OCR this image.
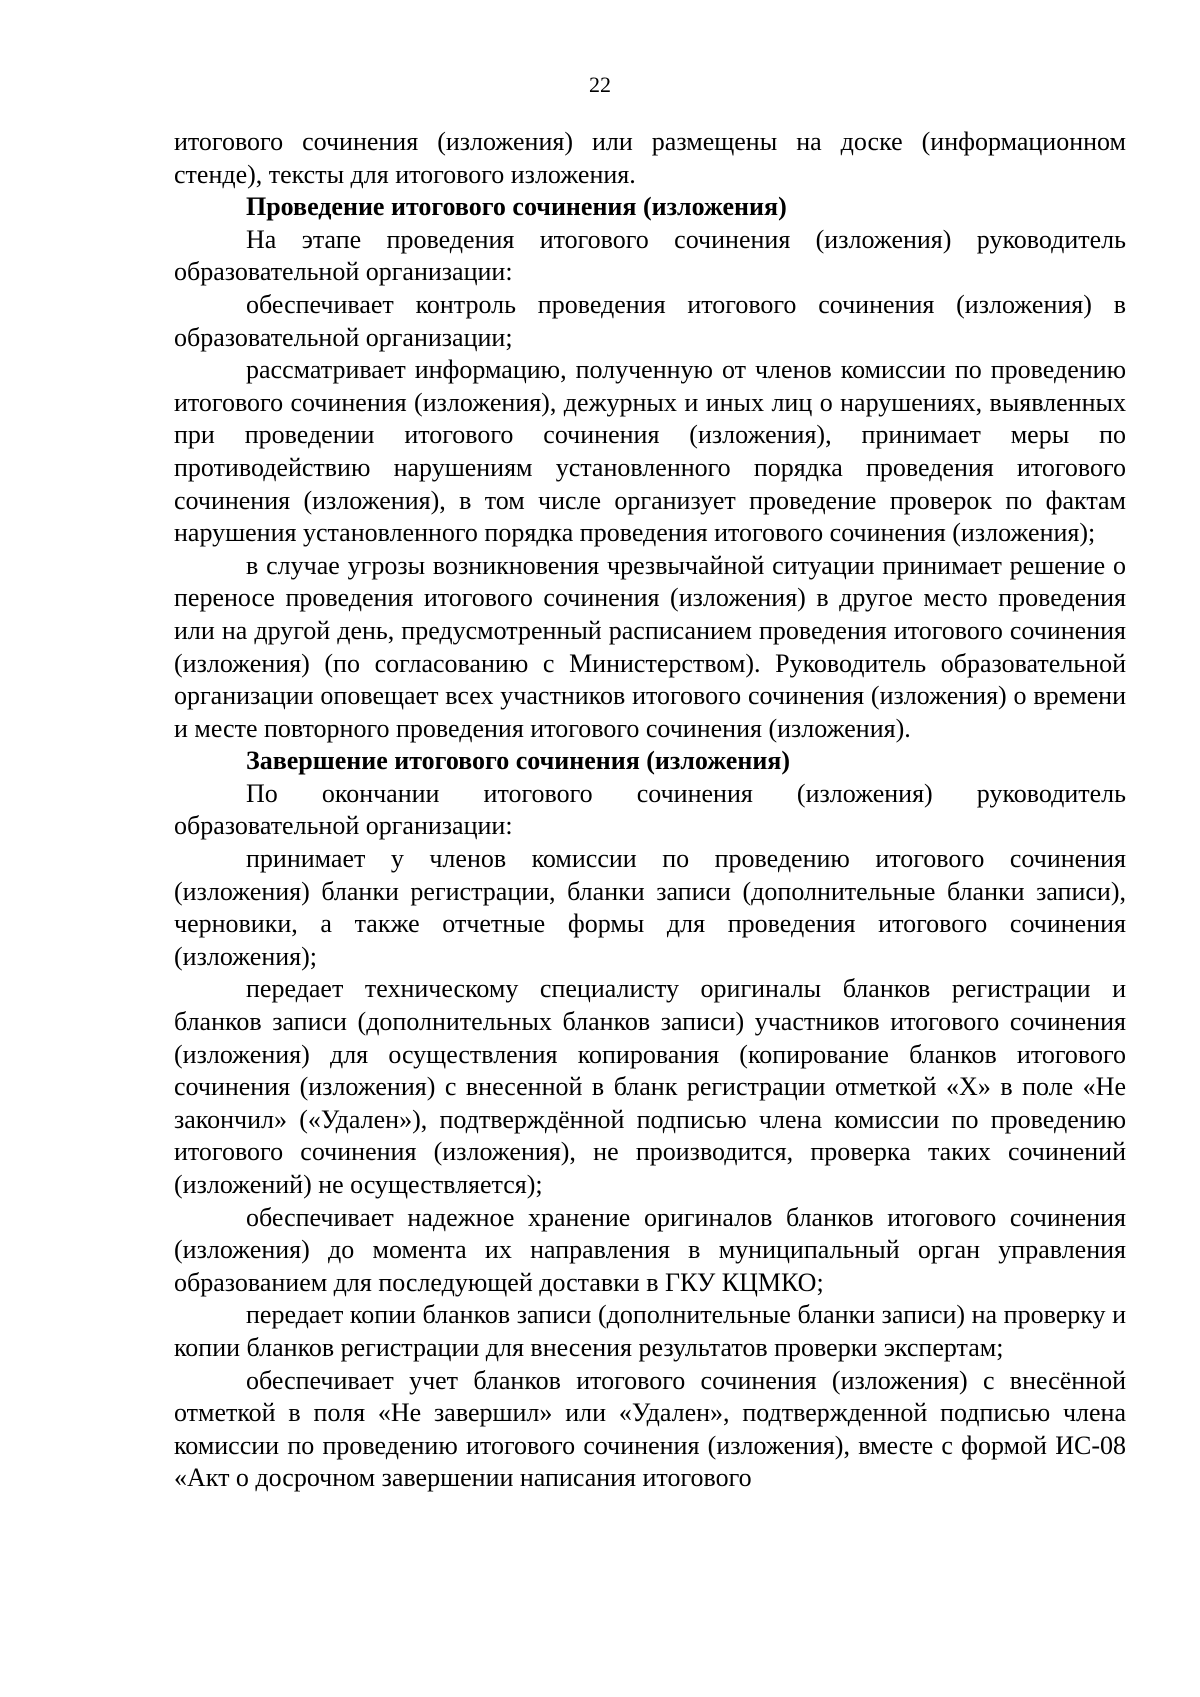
22

итогового сочинения (изложения) или размещены на доске (информационном стенде), тексты для итогового изложения.

Проведение итогового сочинения (изложения)

На этапе проведения итогового сочинения (изложения) руководитель образовательной организации:

обеспечивает контроль проведения итогового сочинения (изложения) в образовательной организации;

рассматривает информацию, полученную от членов комиссии по проведению итогового сочинения (изложения), дежурных и иных лиц о нарушениях, выявленных при проведении итогового сочинения (изложения), принимает меры по противодействию нарушениям установленного порядка проведения итогового сочинения (изложения), в том числе организует проведение проверок по фактам нарушения установленного порядка проведения итогового сочинения (изложения);

в случае угрозы возникновения чрезвычайной ситуации принимает решение о переносе проведения итогового сочинения (изложения) в другое место проведения или на другой день, предусмотренный расписанием проведения итогового сочинения (изложения) (по согласованию с Министерством). Руководитель образовательной организации оповещает всех участников итогового сочинения (изложения) о времени и месте повторного проведения итогового сочинения (изложения).

Завершение итогового сочинения (изложения)

По окончании итогового сочинения (изложения) руководитель образовательной организации:

принимает у членов комиссии по проведению итогового сочинения (изложения) бланки регистрации, бланки записи (дополнительные бланки записи), черновики, а также отчетные формы для проведения итогового сочинения (изложения);

передает техническому специалисту оригиналы бланков регистрации и бланков записи (дополнительных бланков записи) участников итогового сочинения (изложения) для осуществления копирования (копирование бланков итогового сочинения (изложения) с внесенной в бланк регистрации отметкой «Х» в поле «Не закончил» («Удален»), подтверждённой подписью члена комиссии по проведению итогового сочинения (изложения), не производится, проверка таких сочинений (изложений) не осуществляется);

обеспечивает надежное хранение оригиналов бланков итогового сочинения (изложения) до момента их направления в муниципальный орган управления образованием для последующей доставки в ГКУ КЦМКО;

передает копии бланков записи (дополнительные бланки записи) на проверку и копии бланков регистрации для внесения результатов проверки экспертам;

обеспечивает учет бланков итогового сочинения (изложения) с внесённой отметкой в поля «Не завершил» или «Удален», подтвержденной подписью члена комиссии по проведению итогового сочинения (изложения), вместе с формой ИС-08 «Акт о досрочном завершении написания итогового
